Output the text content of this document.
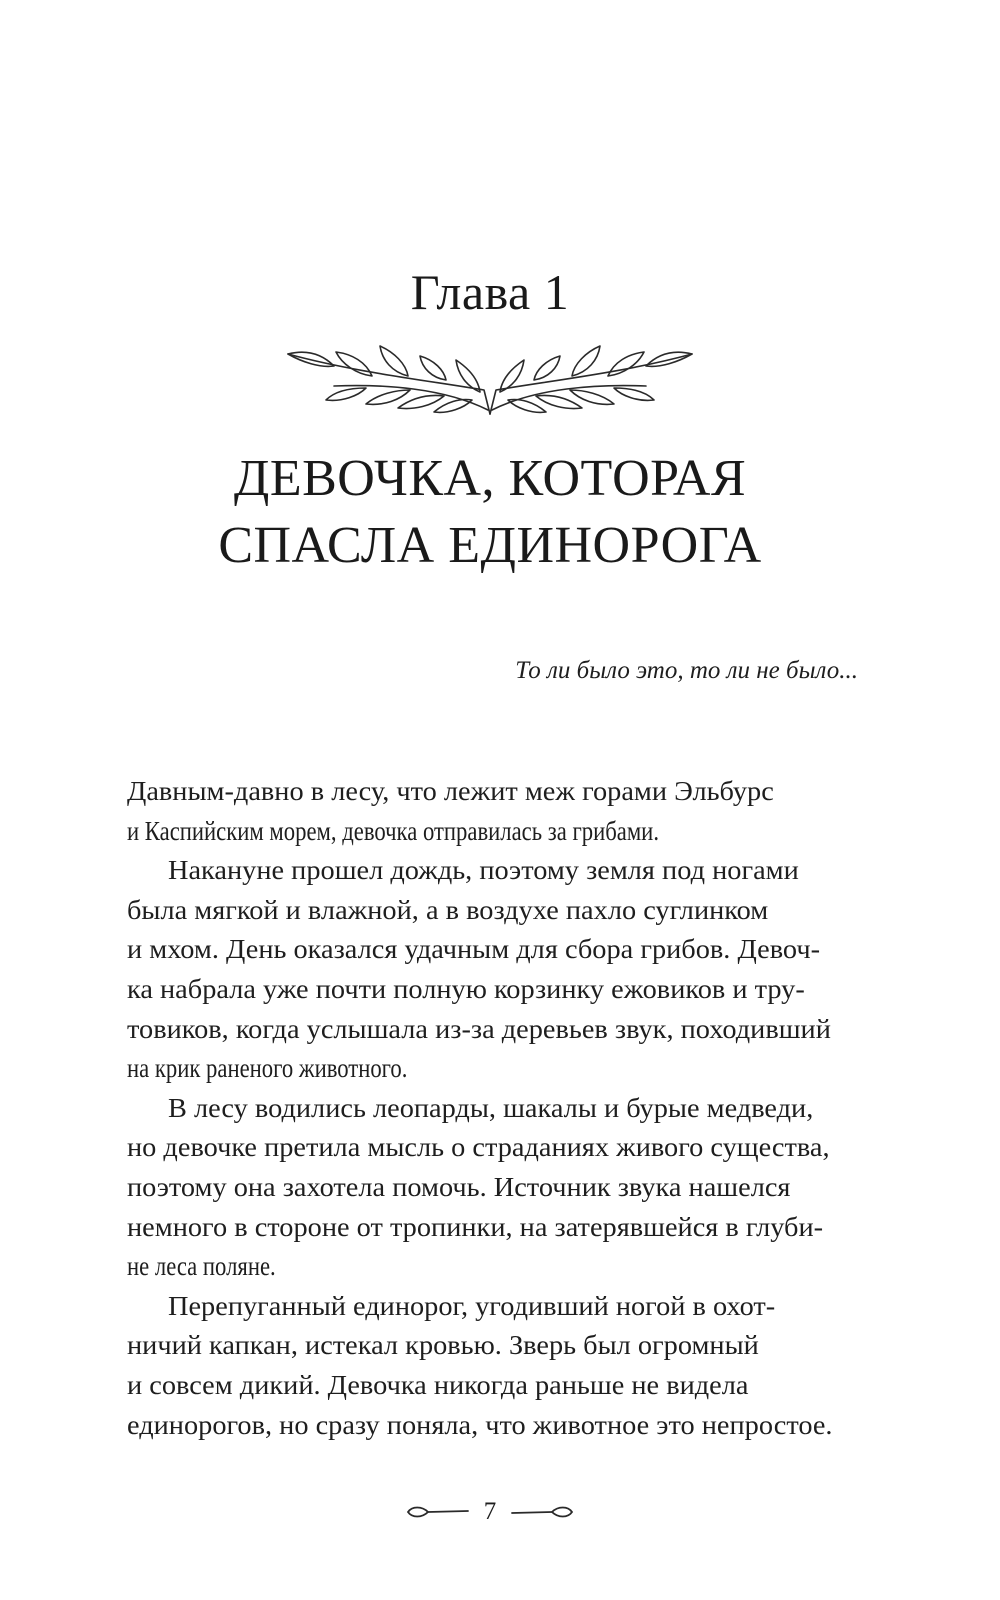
Глава 1
ДЕВОЧКА, КОТОРАЯ
СПАСЛА ЕДИНОРОГА
То ли было это, то ли не было...
Давным-давно в лесу, что лежит меж горами Эльбурс
и Каспийским морем, девочка отправилась за грибами.
Накануне прошел дождь, поэтому земля под ногами
была мягкой и влажной, а в воздухе пахло суглинком
и мхом. День оказался удачным для сбора грибов. Девоч-
ка набрала уже почти полную корзинку ежовиков и тру-
товиков, когда услышала из-за деревьев звук, походивший
на крик раненого животного.
В лесу водились леопарды, шакалы и бурые медведи,
но девочке претила мысль о страданиях живого существа,
поэтому она захотела помочь. Источник звука нашелся
немного в стороне от тропинки, на затерявшейся в глуби-
не леса поляне.
Перепуганный единорог, угодивший ногой в охот-
ничий капкан, истекал кровью. Зверь был огромный
и совсем дикий. Девочка никогда раньше не видела
единорогов, но сразу поняла, что животное это непростое.
7
